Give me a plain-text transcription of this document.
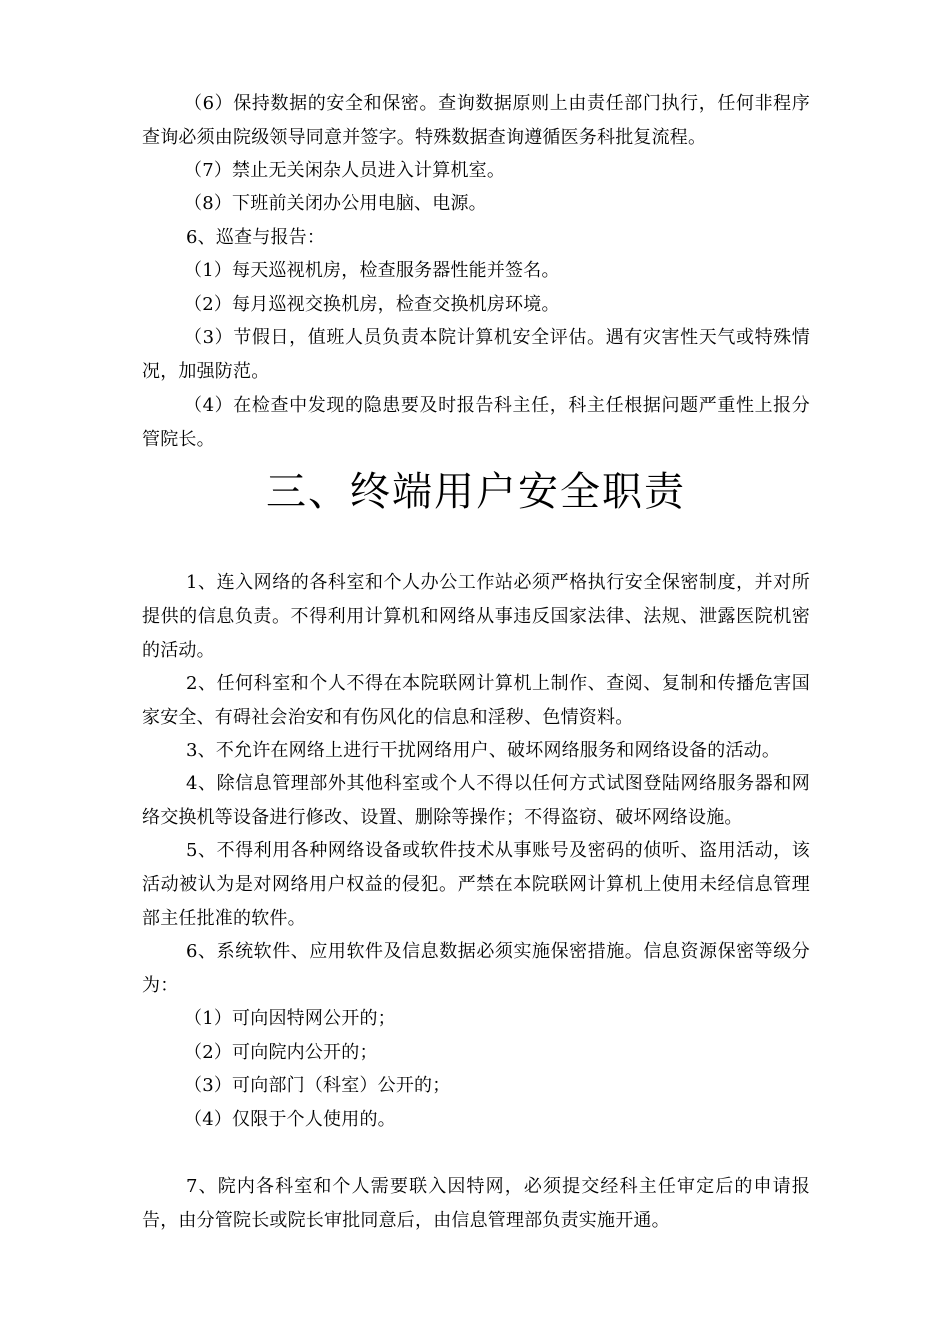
（6）保持数据的安全和保密。查询数据原则上由责任部门执行，任何非程序查询必须由院级领导同意并签字。特殊数据查询遵循医务科批复流程。

（7）禁止无关闲杂人员进入计算机室。

（8）下班前关闭办公用电脑、电源。

6、巡查与报告：

（1）每天巡视机房，检查服务器性能并签名。

（2）每月巡视交换机房，检查交换机房环境。

（3）节假日，值班人员负责本院计算机安全评估。遇有灾害性天气或特殊情况，加强防范。

（4）在检查中发现的隐患要及时报告科主任，科主任根据问题严重性上报分管院长。

三、终端用户安全职责

1、连入网络的各科室和个人办公工作站必须严格执行安全保密制度，并对所提供的信息负责。不得利用计算机和网络从事违反国家法律、法规、泄露医院机密的活动。

2、任何科室和个人不得在本院联网计算机上制作、查阅、复制和传播危害国家安全、有碍社会治安和有伤风化的信息和淫秽、色情资料。

3、不允许在网络上进行干扰网络用户、破坏网络服务和网络设备的活动。

4、除信息管理部外其他科室或个人不得以任何方式试图登陆网络服务器和网络交换机等设备进行修改、设置、删除等操作；不得盗窃、破坏网络设施。

5、不得利用各种网络设备或软件技术从事账号及密码的侦听、盗用活动，该活动被认为是对网络用户权益的侵犯。严禁在本院联网计算机上使用未经信息管理部主任批准的软件。

6、系统软件、应用软件及信息数据必须实施保密措施。信息资源保密等级分为：

（1）可向因特网公开的；

（2）可向院内公开的；

（3）可向部门（科室）公开的；

（4）仅限于个人使用的。

7、院内各科室和个人需要联入因特网，必须提交经科主任审定后的申请报告，由分管院长或院长审批同意后，由信息管理部负责实施开通。
